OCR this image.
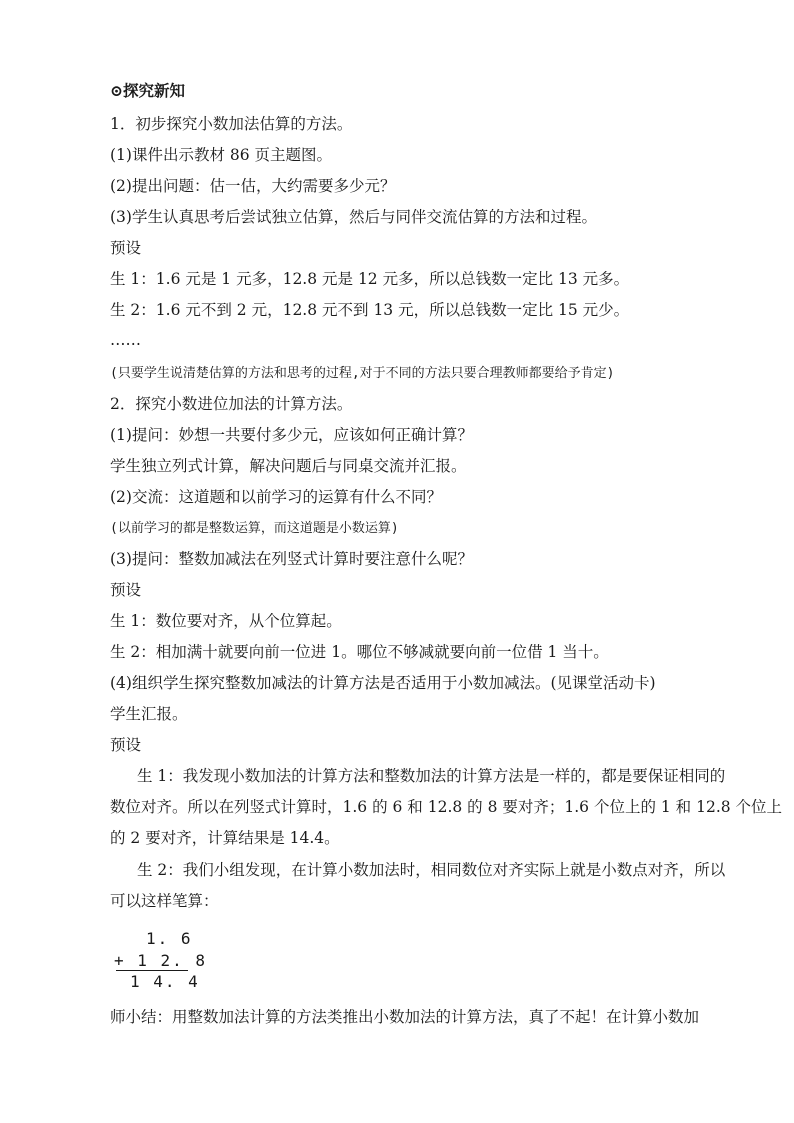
⊙探究新知
1．初步探究小数加法估算的方法。
(1)课件出示教材 86 页主题图。
(2)提出问题：估一估，大约需要多少元？
(3)学生认真思考后尝试独立估算，然后与同伴交流估算的方法和过程。
预设
生 1：1.6 元是 1 元多，12.8 元是 12 元多，所以总钱数一定比 13 元多。
生 2：1.6 元不到 2 元，12.8 元不到 13 元，所以总钱数一定比 15 元少。
……
(只要学生说清楚估算的方法和思考的过程,对于不同的方法只要合理教师都要给予肯定)
2．探究小数进位加法的计算方法。
(1)提问：妙想一共要付多少元，应该如何正确计算？
学生独立列式计算，解决问题后与同桌交流并汇报。
(2)交流：这道题和以前学习的运算有什么不同？
(以前学习的都是整数运算，而这道题是小数运算)
(3)提问：整数加减法在列竖式计算时要注意什么呢？
预设
生 1：数位要对齐，从个位算起。
生 2：相加满十就要向前一位进 1。哪位不够减就要向前一位借 1 当十。
(4)组织学生探究整数加减法的计算方法是否适用于小数加减法。(见课堂活动卡)
学生汇报。
预设
生 1：我发现小数加法的计算方法和整数加法的计算方法是一样的，都是要保证相同的
数位对齐。所以在列竖式计算时，1.6 的 6 和 12.8 的 8 要对齐；1.6 个位上的 1 和 12.8 个位上
的 2 要对齐，计算结果是 14.4。
生 2：我们小组发现，在计算小数加法时，相同数位对齐实际上就是小数点对齐，所以
可以这样笔算：
1. 6
+ 1 2. 8
1 4. 4
师小结：用整数加法计算的方法类推出小数加法的计算方法，真了不起！在计算小数加
